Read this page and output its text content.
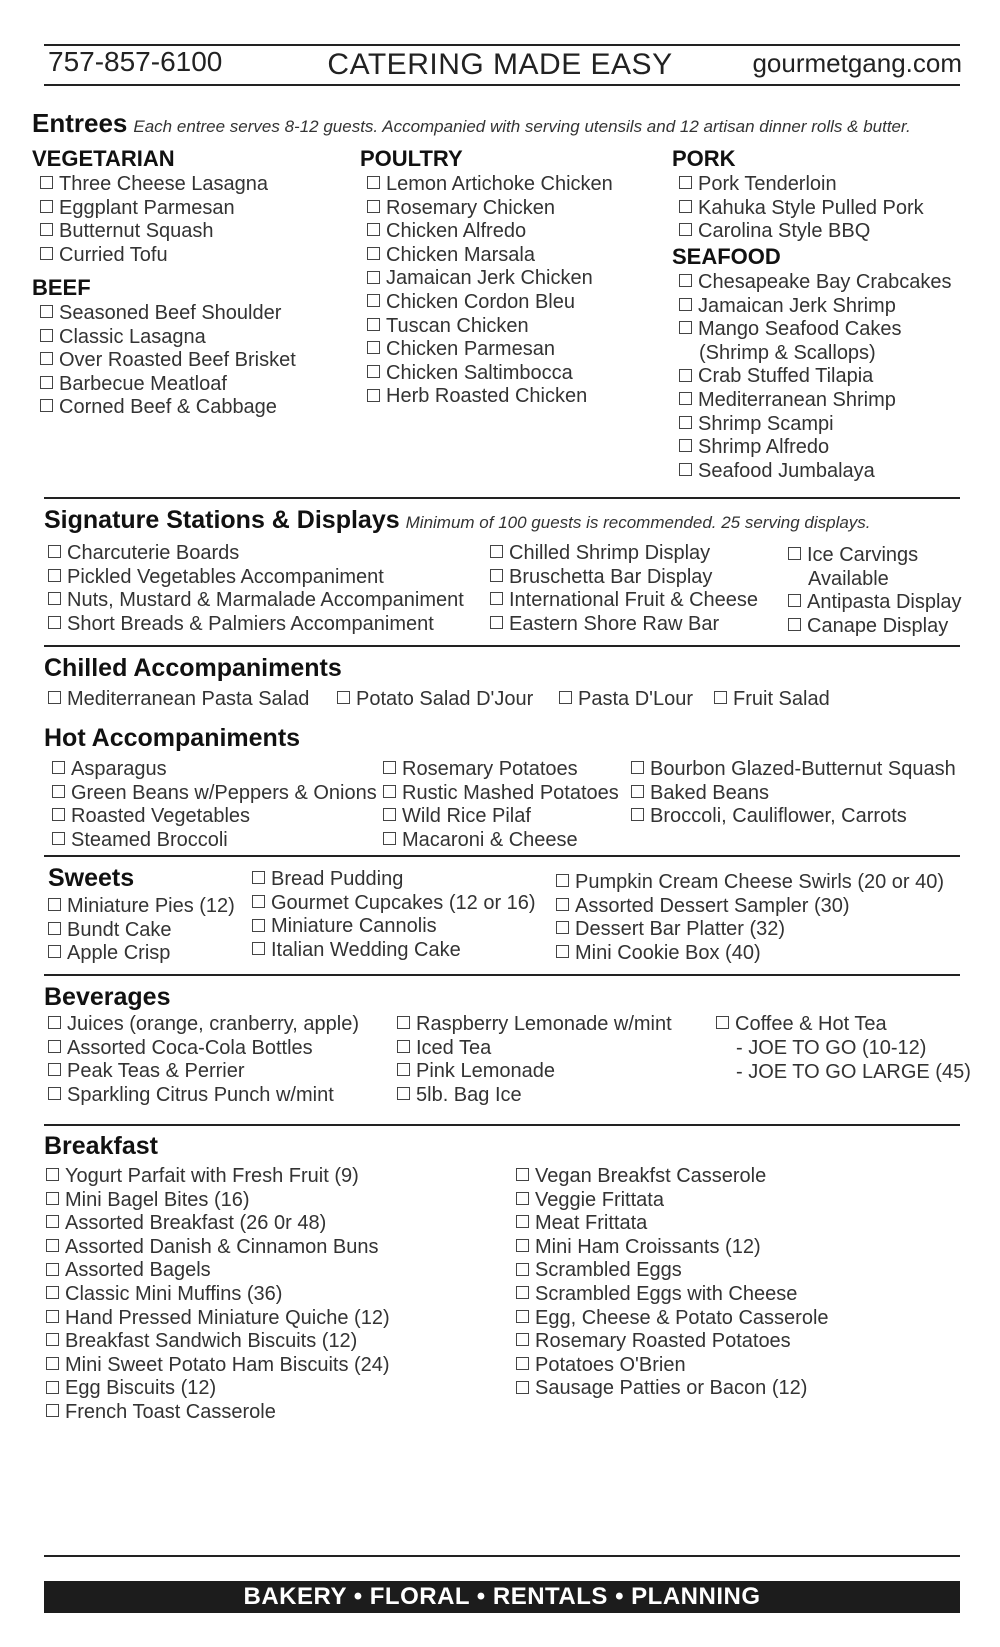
757-857-6100	CATERING MADE EASY	gourmetgang.com
Entrees Each entree serves 8-12 guests. Accompanied with serving utensils and 12 artisan dinner rolls & butter.
VEGETARIAN
BEEF
POULTRY	PORK
SEAFOOD
(Shrimp & Scallops)
Signature Stations & Displays Minimum of 100 guests is recommended. 25 serving displays.
Available
Chilled Accompaniments
Hot Accompaniments
Sweets
Beverages
- JOE TO GO (10-12)
- JOE TO GO LARGE (45)
Breakfast
BAKERY • FLORAL • RENTALS • PLANNING
Three Cheese Lasagna
Eggplant Parmesan
Butternut Squash
Curried Tofu
Seasoned Beef Shoulder
Classic Lasagna
Over Roasted Beef Brisket
Barbecue Meatloaf
Corned Beef & Cabbage
Lemon Artichoke Chicken
Rosemary Chicken
Chicken Alfredo
Chicken Marsala
Jamaican Jerk Chicken
Chicken Cordon Bleu
Tuscan Chicken
Chicken Parmesan
Chicken Saltimbocca
Herb Roasted Chicken
Pork Tenderloin
Kahuka Style Pulled Pork
Carolina Style BBQ
Chesapeake Bay Crabcakes
Jamaican Jerk Shrimp
Mango Seafood Cakes
Crab Stuffed Tilapia
Mediterranean Shrimp
Shrimp Scampi
Shrimp Alfredo
Seafood Jumbalaya
Charcuterie Boards
Pickled Vegetables Accompaniment
Nuts, Mustard & Marmalade Accompaniment
Short Breads & Palmiers Accompaniment
Chilled Shrimp Display
Bruschetta Bar Display
International Fruit & Cheese
Eastern Shore Raw Bar
Ice Carvings
Antipasta Display
Canape Display
Mediterranean Pasta Salad	Potato Salad D'Jour	Pasta D'Lour	Fruit Salad
Asparagus
Green Beans w/Peppers & Onions
Roasted Vegetables
Steamed Broccoli
Rosemary Potatoes
Rustic Mashed Potatoes
Wild Rice Pilaf
Macaroni & Cheese
Bourbon Glazed-Butternut Squash
Baked Beans
Broccoli, Cauliflower, Carrots
Miniature Pies (12)
Bundt Cake
Apple Crisp
Bread Pudding
Gourmet Cupcakes (12 or 16)
Miniature Cannolis
Italian Wedding Cake
Pumpkin Cream Cheese Swirls (20 or 40)
Assorted Dessert Sampler (30)
Dessert Bar Platter (32)
Mini Cookie Box (40)
Juices (orange, cranberry, apple)
Assorted Coca-Cola Bottles
Peak Teas & Perrier
Sparkling Citrus Punch w/mint
Raspberry Lemonade w/mint
Iced Tea
Pink Lemonade
5lb. Bag Ice
Coffee & Hot Tea
Yogurt Parfait with Fresh Fruit (9)
Mini Bagel Bites (16)
Assorted Breakfast (26 0r 48)
Assorted Danish & Cinnamon Buns
Assorted Bagels
Classic Mini Muffins (36)
Hand Pressed Miniature Quiche (12)
Breakfast Sandwich Biscuits (12)
Mini Sweet Potato Ham Biscuits (24)
Egg Biscuits (12)
French Toast Casserole
Vegan Breakfst Casserole
Veggie Frittata
Meat Frittata
Mini Ham Croissants (12)
Scrambled Eggs
Scrambled Eggs with Cheese
Egg, Cheese & Potato Casserole
Rosemary Roasted Potatoes
Potatoes O'Brien
Sausage Patties or Bacon (12)
